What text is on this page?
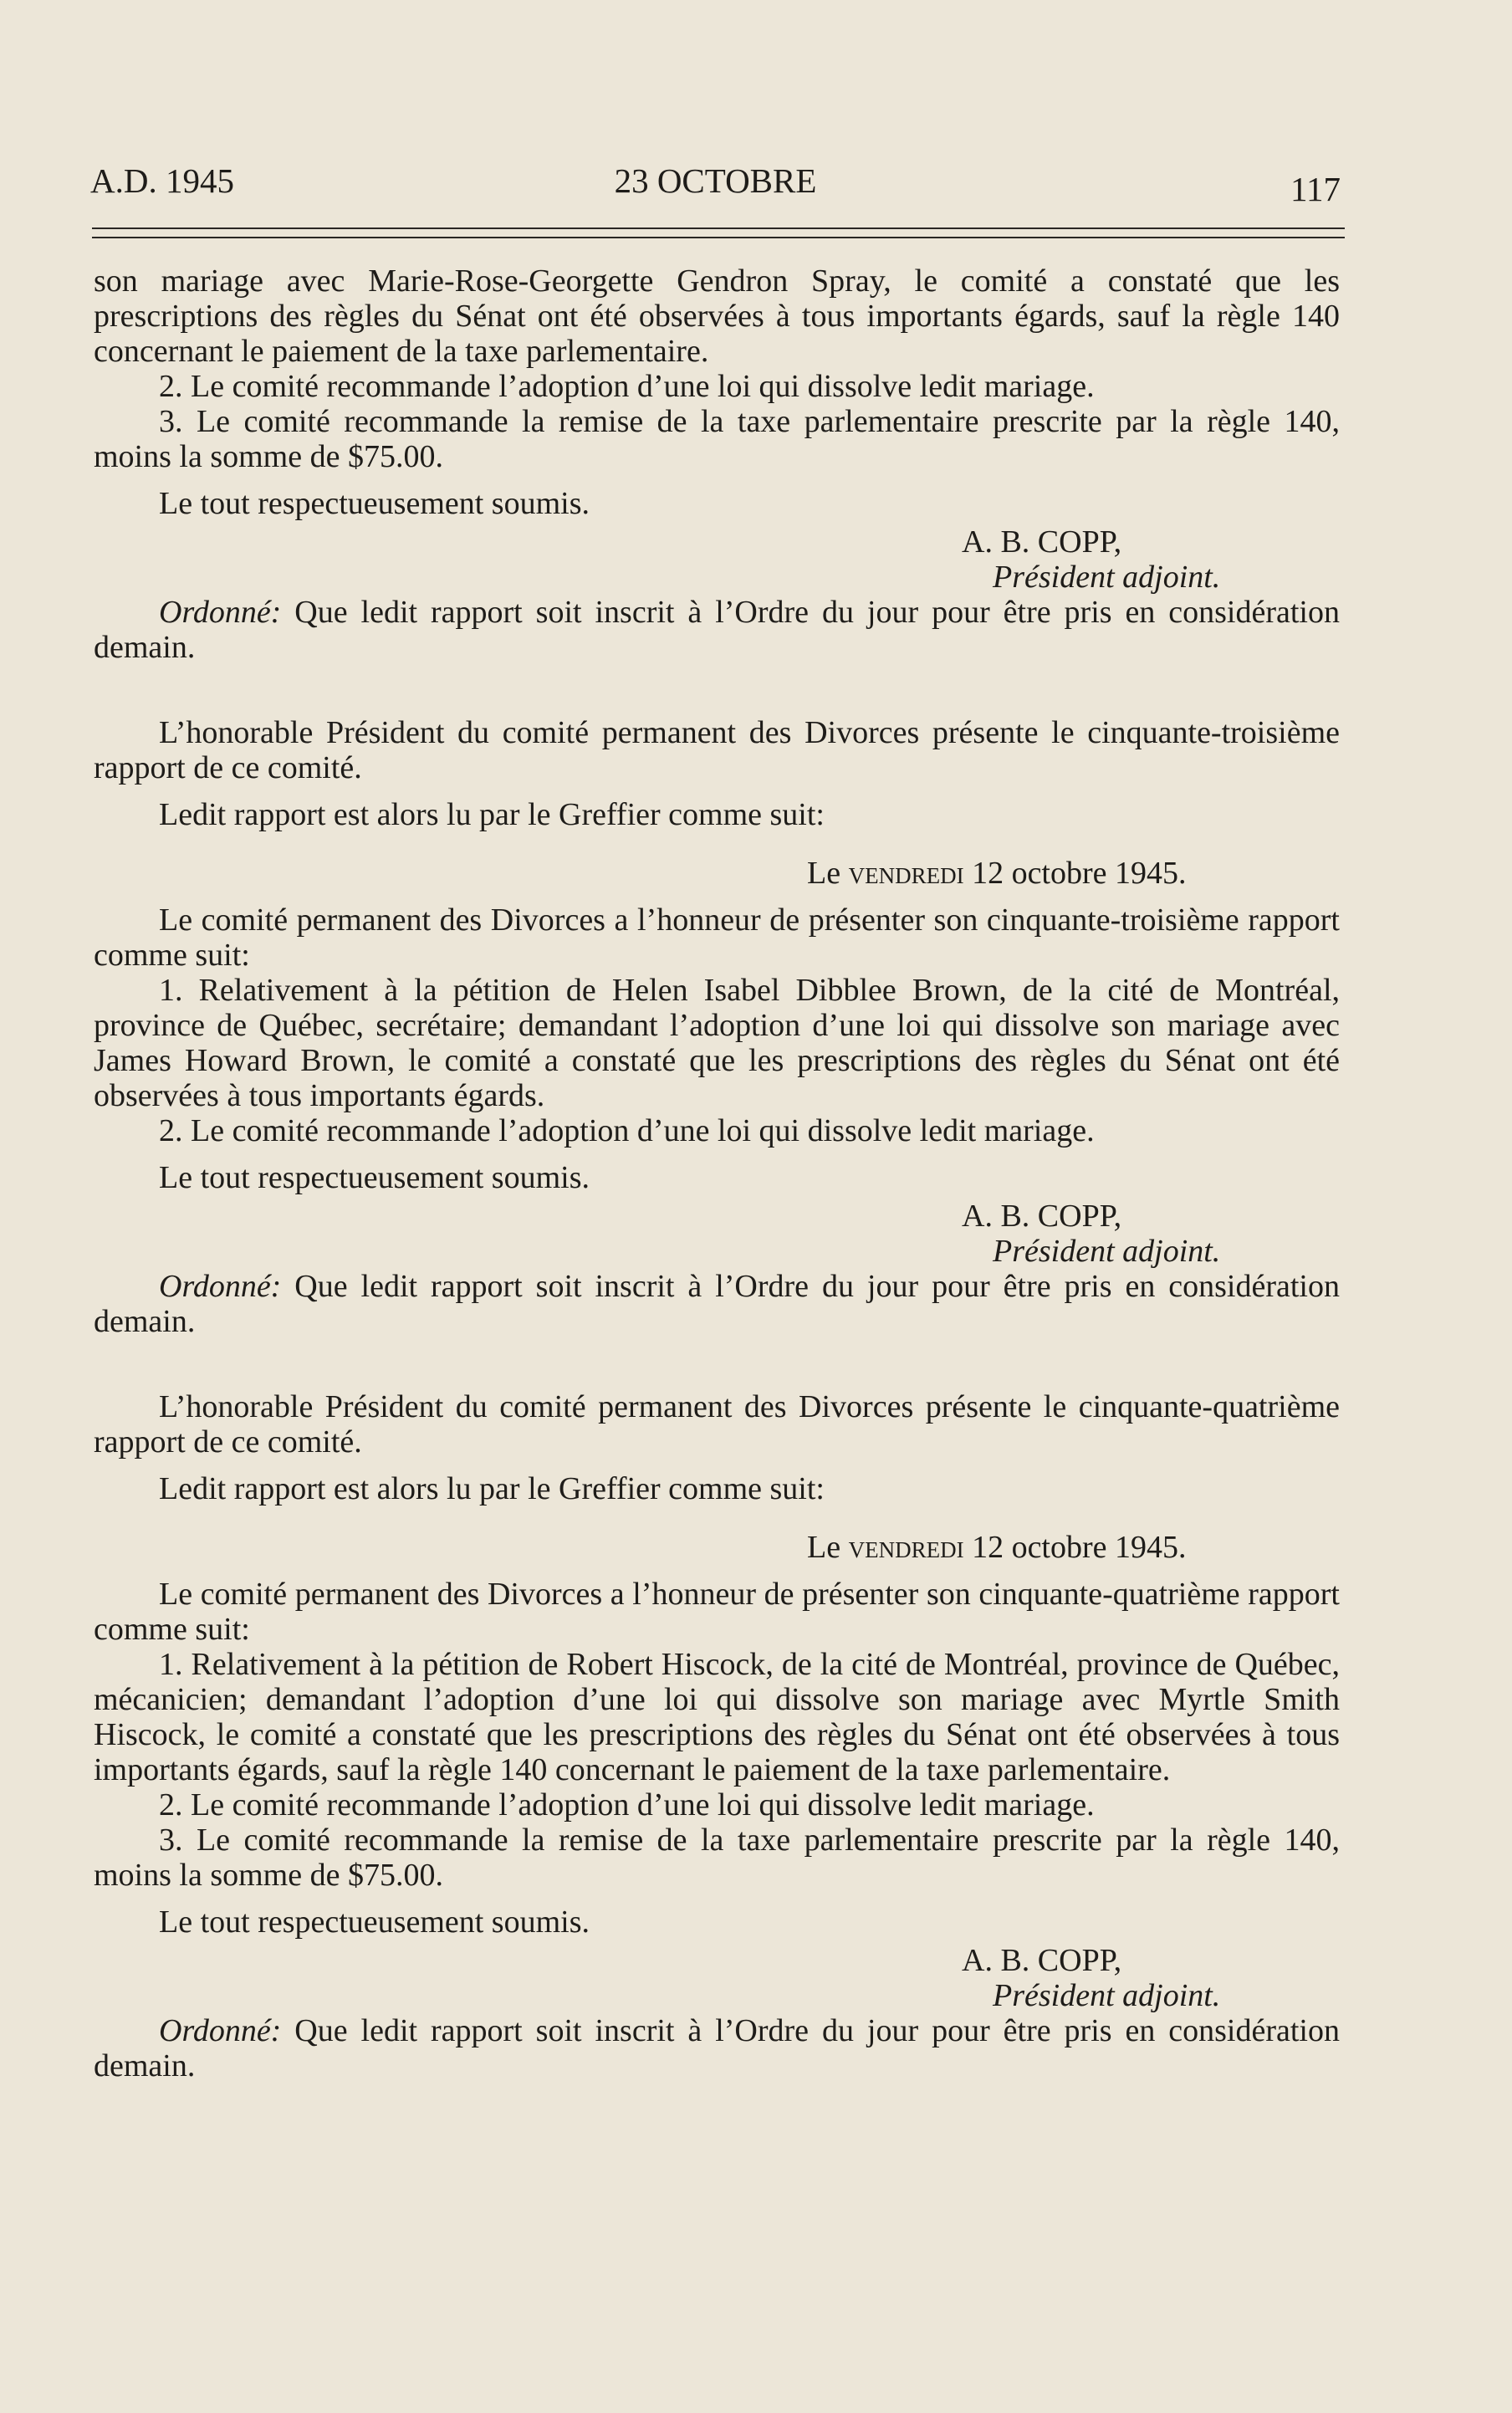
A.D. 1945	23 OCTOBRE	117

son mariage avec Marie-Rose-Georgette Gendron Spray, le comité a constaté que les prescriptions des règles du Sénat ont été observées à tous importants égards, sauf la règle 140 concernant le paiement de la taxe parlementaire.

2. Le comité recommande l’adoption d’une loi qui dissolve ledit mariage.

3. Le comité recommande la remise de la taxe parlementaire prescrite par la règle 140, moins la somme de $75.00.

Le tout respectueusement soumis.

A. B. COPP,
Président adjoint.

Ordonné: Que ledit rapport soit inscrit à l’Ordre du jour pour être pris en considération demain.

L’honorable Président du comité permanent des Divorces présente le cinquante-troisième rapport de ce comité.

Ledit rapport est alors lu par le Greffier comme suit:

Le vendredi 12 octobre 1945.

Le comité permanent des Divorces a l’honneur de présenter son cinquante-troisième rapport comme suit:

1. Relativement à la pétition de Helen Isabel Dibblee Brown, de la cité de Montréal, province de Québec, secrétaire; demandant l’adoption d’une loi qui dissolve son mariage avec James Howard Brown, le comité a constaté que les prescriptions des règles du Sénat ont été observées à tous importants égards.

2. Le comité recommande l’adoption d’une loi qui dissolve ledit mariage.

Le tout respectueusement soumis.

A. B. COPP,
Président adjoint.

Ordonné: Que ledit rapport soit inscrit à l’Ordre du jour pour être pris en considération demain.

L’honorable Président du comité permanent des Divorces présente le cinquante-quatrième rapport de ce comité.

Ledit rapport est alors lu par le Greffier comme suit:

Le vendredi 12 octobre 1945.

Le comité permanent des Divorces a l’honneur de présenter son cinquante-quatrième rapport comme suit:

1. Relativement à la pétition de Robert Hiscock, de la cité de Montréal, province de Québec, mécanicien; demandant l’adoption d’une loi qui dissolve son mariage avec Myrtle Smith Hiscock, le comité a constaté que les prescriptions des règles du Sénat ont été observées à tous importants égards, sauf la règle 140 concernant le paiement de la taxe parlementaire.

2. Le comité recommande l’adoption d’une loi qui dissolve ledit mariage.

3. Le comité recommande la remise de la taxe parlementaire prescrite par la règle 140, moins la somme de $75.00.

Le tout respectueusement soumis.

A. B. COPP,
Président adjoint.

Ordonné: Que ledit rapport soit inscrit à l’Ordre du jour pour être pris en considération demain.
